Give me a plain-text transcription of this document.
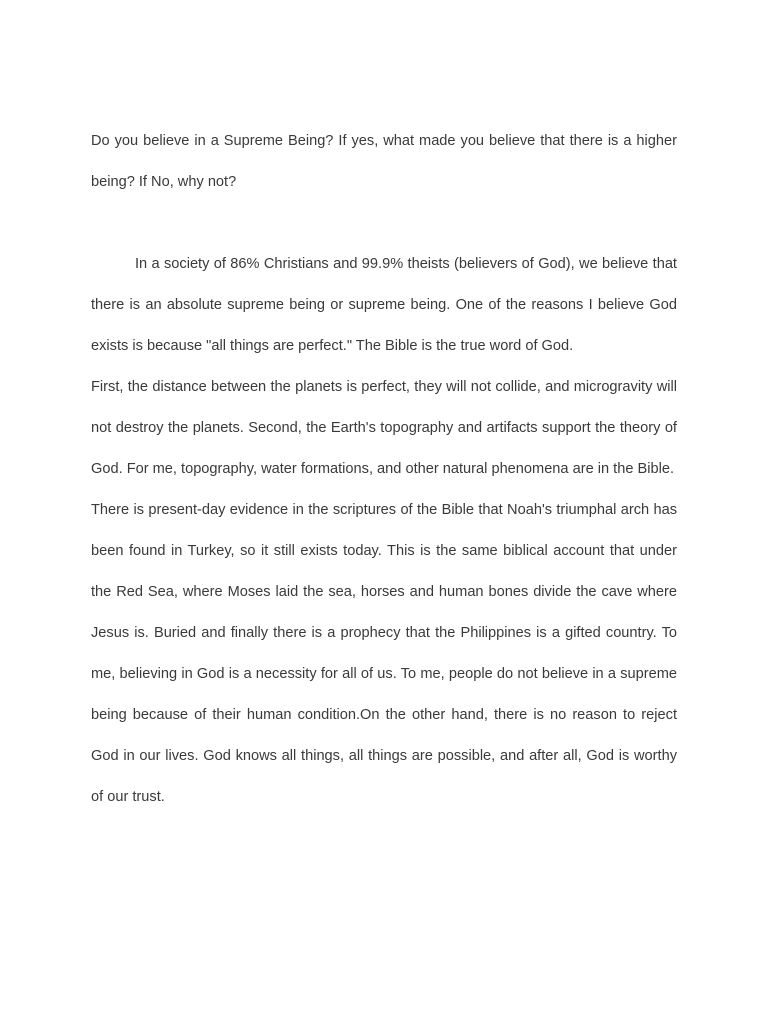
Do you believe in a Supreme Being? If yes, what made you believe that there is a higher being? If No, why not?

In a society of 86% Christians and 99.9% theists (believers of God), we believe that there is an absolute supreme being or supreme being. One of the reasons I believe God exists is because "all things are perfect." The Bible is the true word of God.

First, the distance between the planets is perfect, they will not collide, and microgravity will not destroy the planets. Second, the Earth's topography and artifacts support the theory of God. For me, topography, water formations, and other natural phenomena are in the Bible.

There is present-day evidence in the scriptures of the Bible that Noah's triumphal arch has been found in Turkey, so it still exists today. This is the same biblical account that under the Red Sea, where Moses laid the sea, horses and human bones divide the cave where Jesus is. Buried and finally there is a prophecy that the Philippines is a gifted country. To me, believing in God is a necessity for all of us. To me, people do not believe in a supreme being because of their human condition.On the other hand, there is no reason to reject God in our lives. God knows all things, all things are possible, and after all, God is worthy of our trust.
